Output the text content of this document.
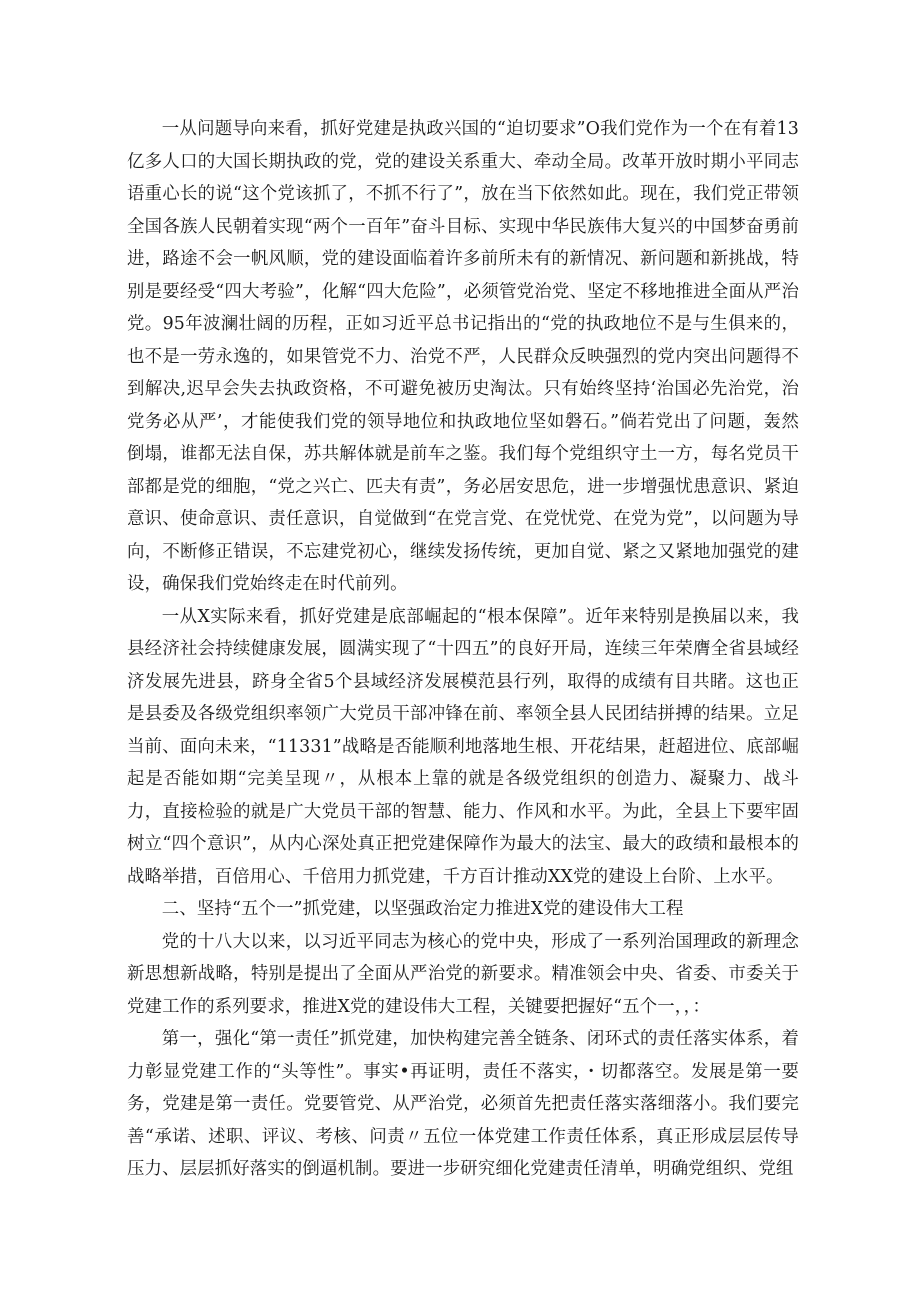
一从问题导向来看，抓好党建是执政兴国的“迫切要求”O我们党作为一个在有着13亿多人口的大国长期执政的党，党的建设关系重大、牵动全局。改革开放时期小平同志语重心长的说“这个党该抓了，不抓不行了”，放在当下依然如此。现在，我们党正带领全国各族人民朝着实现“两个一百年”奋斗目标、实现中华民族伟大复兴的中国梦奋勇前进，路途不会一帆风顺，党的建设面临着许多前所未有的新情况、新问题和新挑战，特别是要经受“四大考验”，化解“四大危险”，必须管党治党、坚定不移地推进全面从严治党。95年波澜壮阔的历程，正如习近平总书记指出的“党的执政地位不是与生俱来的，也不是一劳永逸的，如果管党不力、治党不严，人民群众反映强烈的党内突出问题得不到解决,迟早会失去执政资格，不可避免被历史淘汰。只有始终坚持‘治国必先治党，治党务必从严’，才能使我们党的领导地位和执政地位坚如磐石。”倘若党出了问题，轰然倒塌，谁都无法自保，苏共解体就是前车之鉴。我们每个党组织守土一方，每名党员干部都是党的细胞，“党之兴亡、匹夫有责”，务必居安思危，进一步增强忧患意识、紧迫意识、使命意识、责任意识，自觉做到“在党言党、在党忧党、在党为党”，以问题为导向，不断修正错误，不忘建党初心，继续发扬传统，更加自觉、紧之又紧地加强党的建设，确保我们党始终走在时代前列。

一从X实际来看，抓好党建是底部崛起的“根本保障”。近年来特别是换届以来，我县经济社会持续健康发展，圆满实现了“十四五”的良好开局，连续三年荣膺全省县域经济发展先进县，跻身全省5个县域经济发展模范县行列，取得的成绩有目共睹。这也正是县委及各级党组织率领广大党员干部冲锋在前、率领全县人民团结拼搏的结果。立足当前、面向未来，“11331”战略是否能顺利地落地生根、开花结果，赶超进位、底部崛起是否能如期“完美呈现〃，从根本上靠的就是各级党组织的创造力、凝聚力、战斗力，直接检验的就是广大党员干部的智慧、能力、作风和水平。为此，全县上下要牢固树立“四个意识”，从内心深处真正把党建保障作为最大的法宝、最大的政绩和最根本的战略举措，百倍用心、千倍用力抓党建，千方百计推动XX党的建设上台阶、上水平。

二、坚持“五个一”抓党建，以坚强政治定力推进X党的建设伟大工程

党的十八大以来，以习近平同志为核心的党中央，形成了一系列治国理政的新理念新思想新战略，特别是提出了全面从严治党的新要求。精准领会中央、省委、市委关于党建工作的系列要求，推进X党的建设伟大工程，关键要把握好“五个一，，：

第一，强化“第一责任”抓党建，加快构建完善全链条、闭环式的责任落实体系，着力彰显党建工作的“头等性”。事实•再证明，责任不落实，・切都落空。发展是第一要务，党建是第一责任。党要管党、从严治党，必须首先把责任落实落细落小。我们要完善“承诺、述职、评议、考核、问责〃五位一体党建工作责任体系，真正形成层层传导压力、层层抓好落实的倒逼机制。要进一步研究细化党建责任清单，明确党组织、党组
